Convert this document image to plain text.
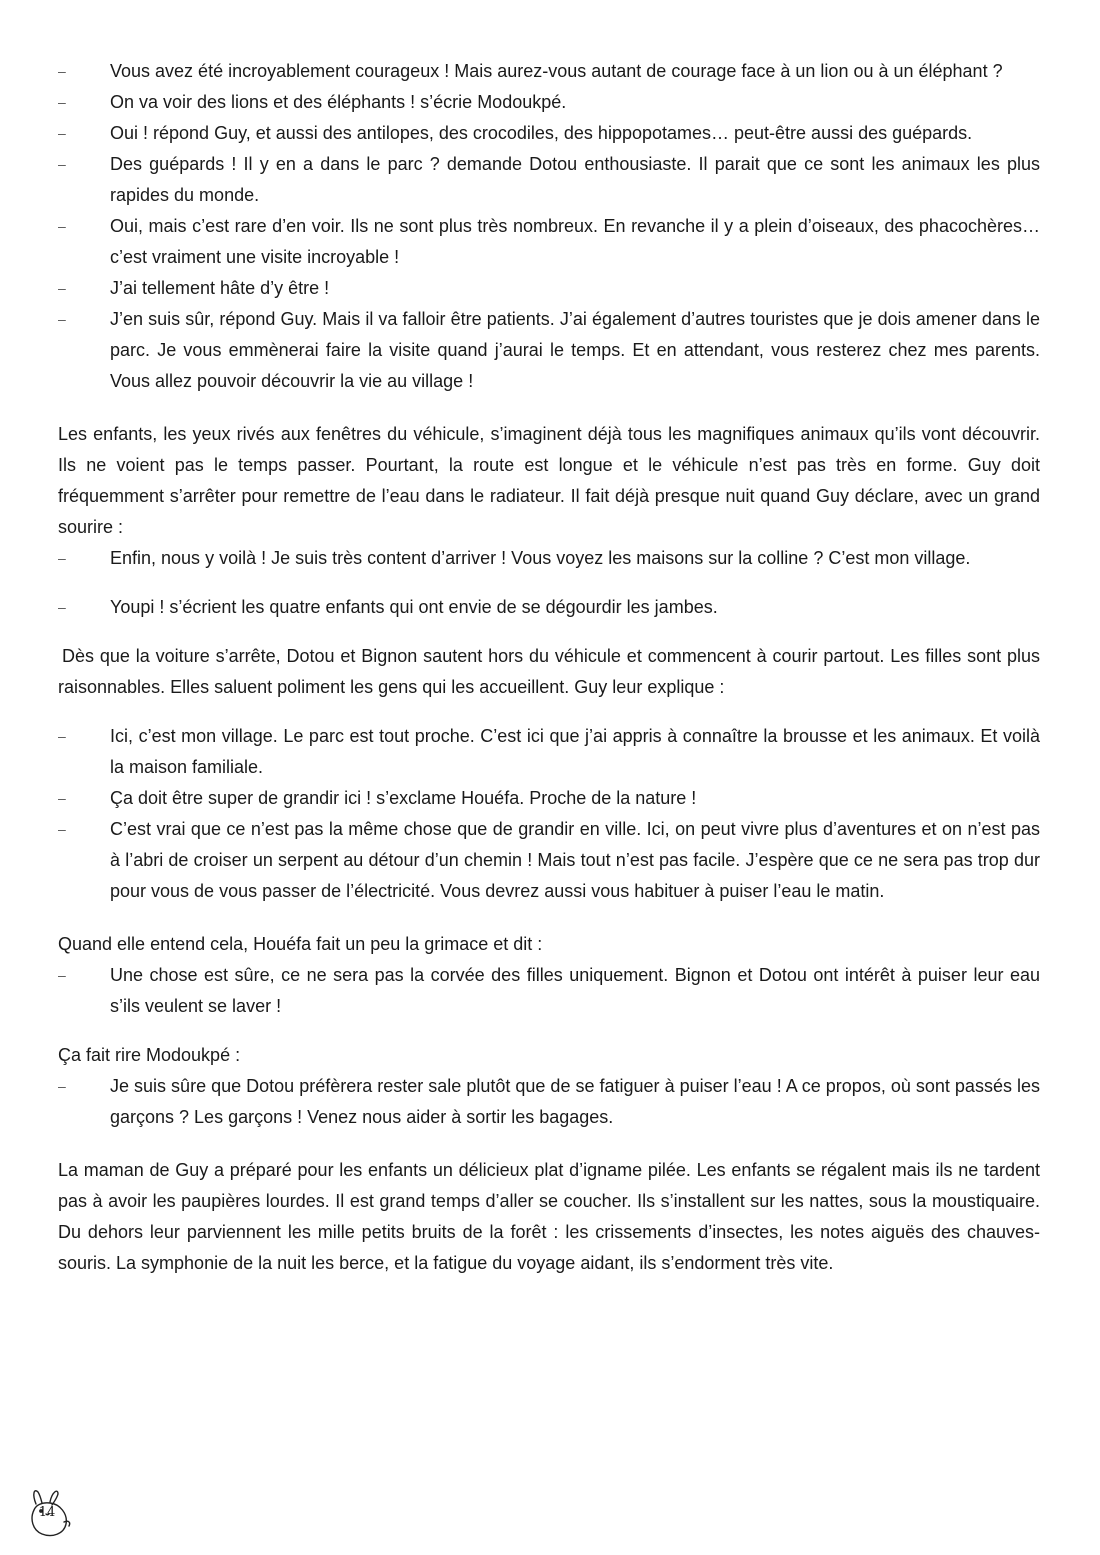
– Vous avez été incroyablement courageux ! Mais aurez-vous autant de courage face à un lion ou à un éléphant ?

– On va voir des lions et des éléphants ! s’écrie Modoukpé.

– Oui ! répond Guy, et aussi des antilopes, des crocodiles, des hippopotames… peut-être aussi des guépards.

– Des guépards ! Il y en a dans le parc ? demande Dotou enthousiaste. Il parait que ce sont les animaux les plus rapides du monde.

– Oui, mais c’est rare d’en voir. Ils ne sont plus très nombreux. En revanche il y a plein d’oiseaux, des phacochères… c’est vraiment une visite incroyable !

– J’ai tellement hâte d’y être !

– J’en suis sûr, répond Guy. Mais il va falloir être patients. J’ai également d’autres touristes que je dois amener dans le parc. Je vous emmènerai faire la visite quand j’aurai le temps. Et en attendant, vous resterez chez mes parents. Vous allez pouvoir découvrir la vie au village !

Les enfants, les yeux rivés aux fenêtres du véhicule, s’imaginent déjà tous les magnifiques animaux qu’ils vont découvrir. Ils ne voient pas le temps passer. Pourtant, la route est longue et le véhicule n’est pas très en forme. Guy doit fréquemment s’arrêter pour remettre de l’eau dans le radiateur. Il fait déjà presque nuit quand Guy déclare, avec un grand sourire :

– Enfin, nous y voilà ! Je suis très content d’arriver ! Vous voyez les maisons sur la colline ? C’est mon village.

– Youpi ! s’écrient les quatre enfants qui ont envie de se dégourdir les jambes.

Dès que la voiture s’arrête, Dotou et Bignon sautent hors du véhicule et commencent à courir partout. Les filles sont plus raisonnables. Elles saluent poliment les gens qui les accueillent. Guy leur explique :

– Ici, c’est mon village. Le parc est tout proche. C’est ici que j’ai appris à connaître la brousse et les animaux. Et voilà la maison familiale.

– Ça doit être super de grandir ici ! s’exclame Houéfa. Proche de la nature !

– C’est vrai que ce n’est pas la même chose que de grandir en ville. Ici, on peut vivre plus d’aventures et on n’est pas à l’abri de croiser un serpent au détour d’un chemin ! Mais tout n’est pas facile. J’espère que ce ne sera pas trop dur pour vous de vous passer de l’électricité. Vous devrez aussi vous habituer à puiser l’eau le matin.

Quand elle entend cela, Houéfa fait un peu la grimace et dit :

– Une chose est sûre, ce ne sera pas la corvée des filles uniquement. Bignon et Dotou ont intérêt à puiser leur eau s’ils veulent se laver !

Ça fait rire Modoukpé :

– Je suis sûre que Dotou préfèrera rester sale plutôt que de se fatiguer à puiser l’eau ! A ce propos, où sont passés les garçons ? Les garçons ! Venez nous aider à sortir les bagages.

La maman de Guy a préparé pour les enfants un délicieux plat d’igname pilée. Les enfants se régalent mais ils ne tardent pas à avoir les paupières lourdes. Il est grand temps d’aller se coucher. Ils s’installent sur les nattes, sous la moustiquaire. Du dehors leur parviennent les mille petits bruits de la forêt : les crissements d’insectes, les notes aiguës des chauves-souris. La symphonie de la nuit les berce, et la fatigue du voyage aidant, ils s’endorment très vite.

14
